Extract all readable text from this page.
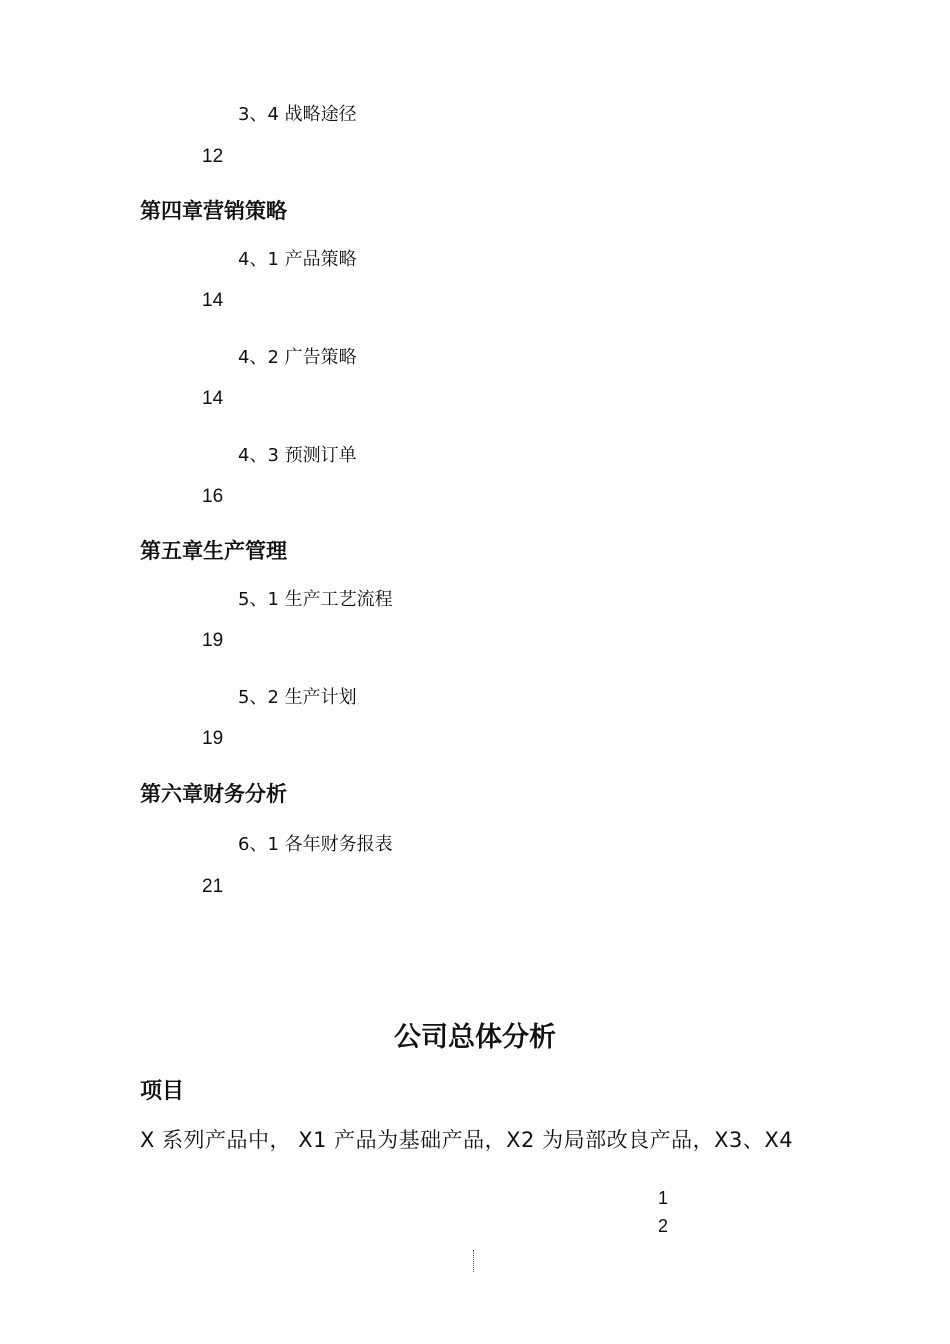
3、4 战略途径
12
第四章营销策略
4、1 产品策略
14
4、2 广告策略
14
4、3 预测订单
16
第五章生产管理
5、1 生产工艺流程
19
5、2 生产计划
19
第六章财务分析
6、1 各年财务报表
21
公司总体分析
项目
X 系列产品中， X1 产品为基础产品，X2 为局部改良产品，X3、X4
1
2
